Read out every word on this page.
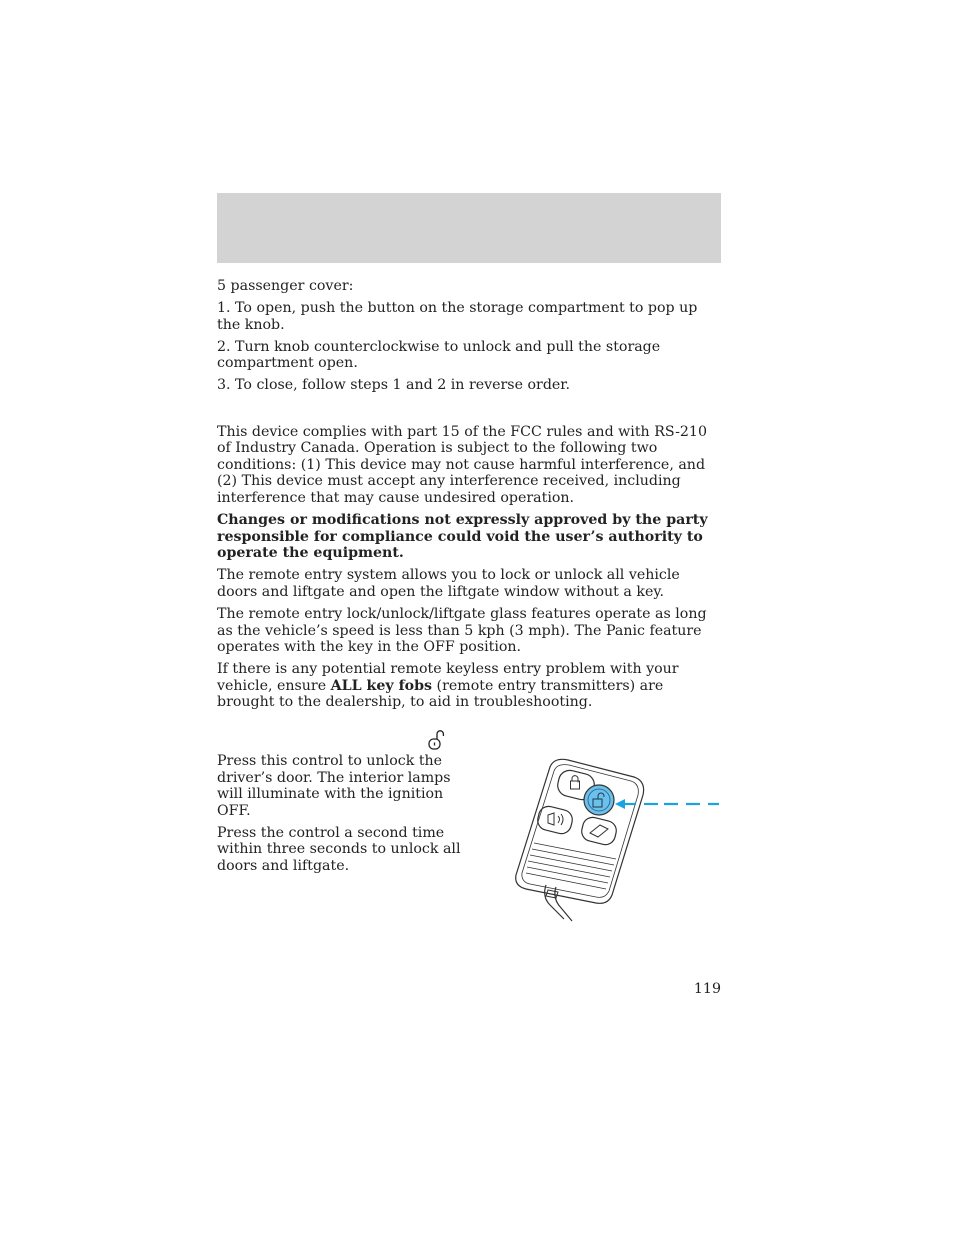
5 passenger cover:

1. To open, push the button on the storage compartment to pop up the knob.

2. Turn knob counterclockwise to unlock and pull the storage compartment open.

3. To close, follow steps 1 and 2 in reverse order.

This device complies with part 15 of the FCC rules and with RS-210 of Industry Canada. Operation is subject to the following two conditions: (1) This device may not cause harmful interference, and (2) This device must accept any interference received, including interference that may cause undesired operation.

Changes or modifications not expressly approved by the party responsible for compliance could void the user’s authority to operate the equipment.

The remote entry system allows you to lock or unlock all vehicle doors and liftgate and open the liftgate window without a key.

The remote entry lock/unlock/liftgate glass features operate as long as the vehicle’s speed is less than 5 kph (3 mph). The Panic feature operates with the key in the OFF position.

If there is any potential remote keyless entry problem with your vehicle, ensure ALL key fobs (remote entry transmitters) are brought to the dealership, to aid in troubleshooting.

Press this control to unlock the driver’s door. The interior lamps will illuminate with the ignition OFF.

Press the control a second time within three seconds to unlock all doors and liftgate.

119
